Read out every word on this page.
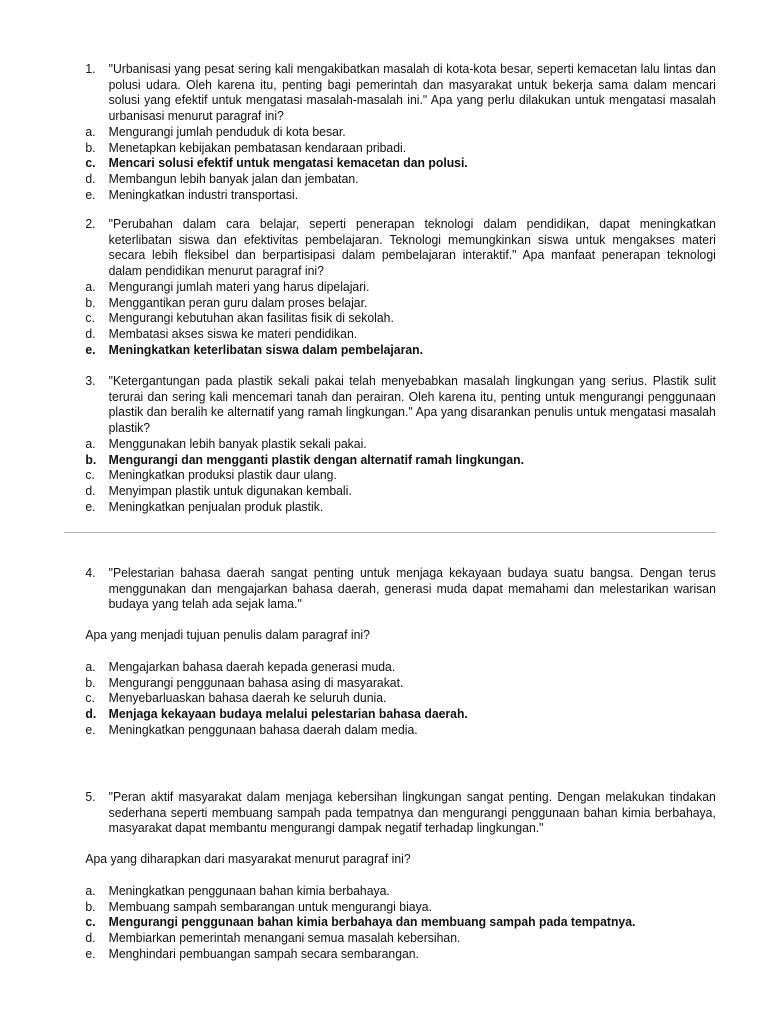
1. "Urbanisasi yang pesat sering kali mengakibatkan masalah di kota-kota besar, seperti kemacetan lalu lintas dan polusi udara. Oleh karena itu, penting bagi pemerintah dan masyarakat untuk bekerja sama dalam mencari solusi yang efektif untuk mengatasi masalah-masalah ini." Apa yang perlu dilakukan untuk mengatasi masalah urbanisasi menurut paragraf ini?
a. Mengurangi jumlah penduduk di kota besar.
b. Menetapkan kebijakan pembatasan kendaraan pribadi.
c. Mencari solusi efektif untuk mengatasi kemacetan dan polusi.
d. Membangun lebih banyak jalan dan jembatan.
e. Meningkatkan industri transportasi.
2. "Perubahan dalam cara belajar, seperti penerapan teknologi dalam pendidikan, dapat meningkatkan keterlibatan siswa dan efektivitas pembelajaran. Teknologi memungkinkan siswa untuk mengakses materi secara lebih fleksibel dan berpartisipasi dalam pembelajaran interaktif." Apa manfaat penerapan teknologi dalam pendidikan menurut paragraf ini?
a. Mengurangi jumlah materi yang harus dipelajari.
b. Menggantikan peran guru dalam proses belajar.
c. Mengurangi kebutuhan akan fasilitas fisik di sekolah.
d. Membatasi akses siswa ke materi pendidikan.
e. Meningkatkan keterlibatan siswa dalam pembelajaran.
3. "Ketergantungan pada plastik sekali pakai telah menyebabkan masalah lingkungan yang serius. Plastik sulit terurai dan sering kali mencemari tanah dan perairan. Oleh karena itu, penting untuk mengurangi penggunaan plastik dan beralih ke alternatif yang ramah lingkungan." Apa yang disarankan penulis untuk mengatasi masalah plastik?
a. Menggunakan lebih banyak plastik sekali pakai.
b. Mengurangi dan mengganti plastik dengan alternatif ramah lingkungan.
c. Meningkatkan produksi plastik daur ulang.
d. Menyimpan plastik untuk digunakan kembali.
e. Meningkatkan penjualan produk plastik.
4. "Pelestarian bahasa daerah sangat penting untuk menjaga kekayaan budaya suatu bangsa. Dengan terus menggunakan dan mengajarkan bahasa daerah, generasi muda dapat memahami dan melestarikan warisan budaya yang telah ada sejak lama."
Apa yang menjadi tujuan penulis dalam paragraf ini?
a. Mengajarkan bahasa daerah kepada generasi muda.
b. Mengurangi penggunaan bahasa asing di masyarakat.
c. Menyebarluaskan bahasa daerah ke seluruh dunia.
d. Menjaga kekayaan budaya melalui pelestarian bahasa daerah.
e. Meningkatkan penggunaan bahasa daerah dalam media.
5. "Peran aktif masyarakat dalam menjaga kebersihan lingkungan sangat penting. Dengan melakukan tindakan sederhana seperti membuang sampah pada tempatnya dan mengurangi penggunaan bahan kimia berbahaya, masyarakat dapat membantu mengurangi dampak negatif terhadap lingkungan."
Apa yang diharapkan dari masyarakat menurut paragraf ini?
a. Meningkatkan penggunaan bahan kimia berbahaya.
b. Membuang sampah sembarangan untuk mengurangi biaya.
c. Mengurangi penggunaan bahan kimia berbahaya dan membuang sampah pada tempatnya.
d. Membiarkan pemerintah menangani semua masalah kebersihan.
e. Menghindari pembuangan sampah secara sembarangan.
